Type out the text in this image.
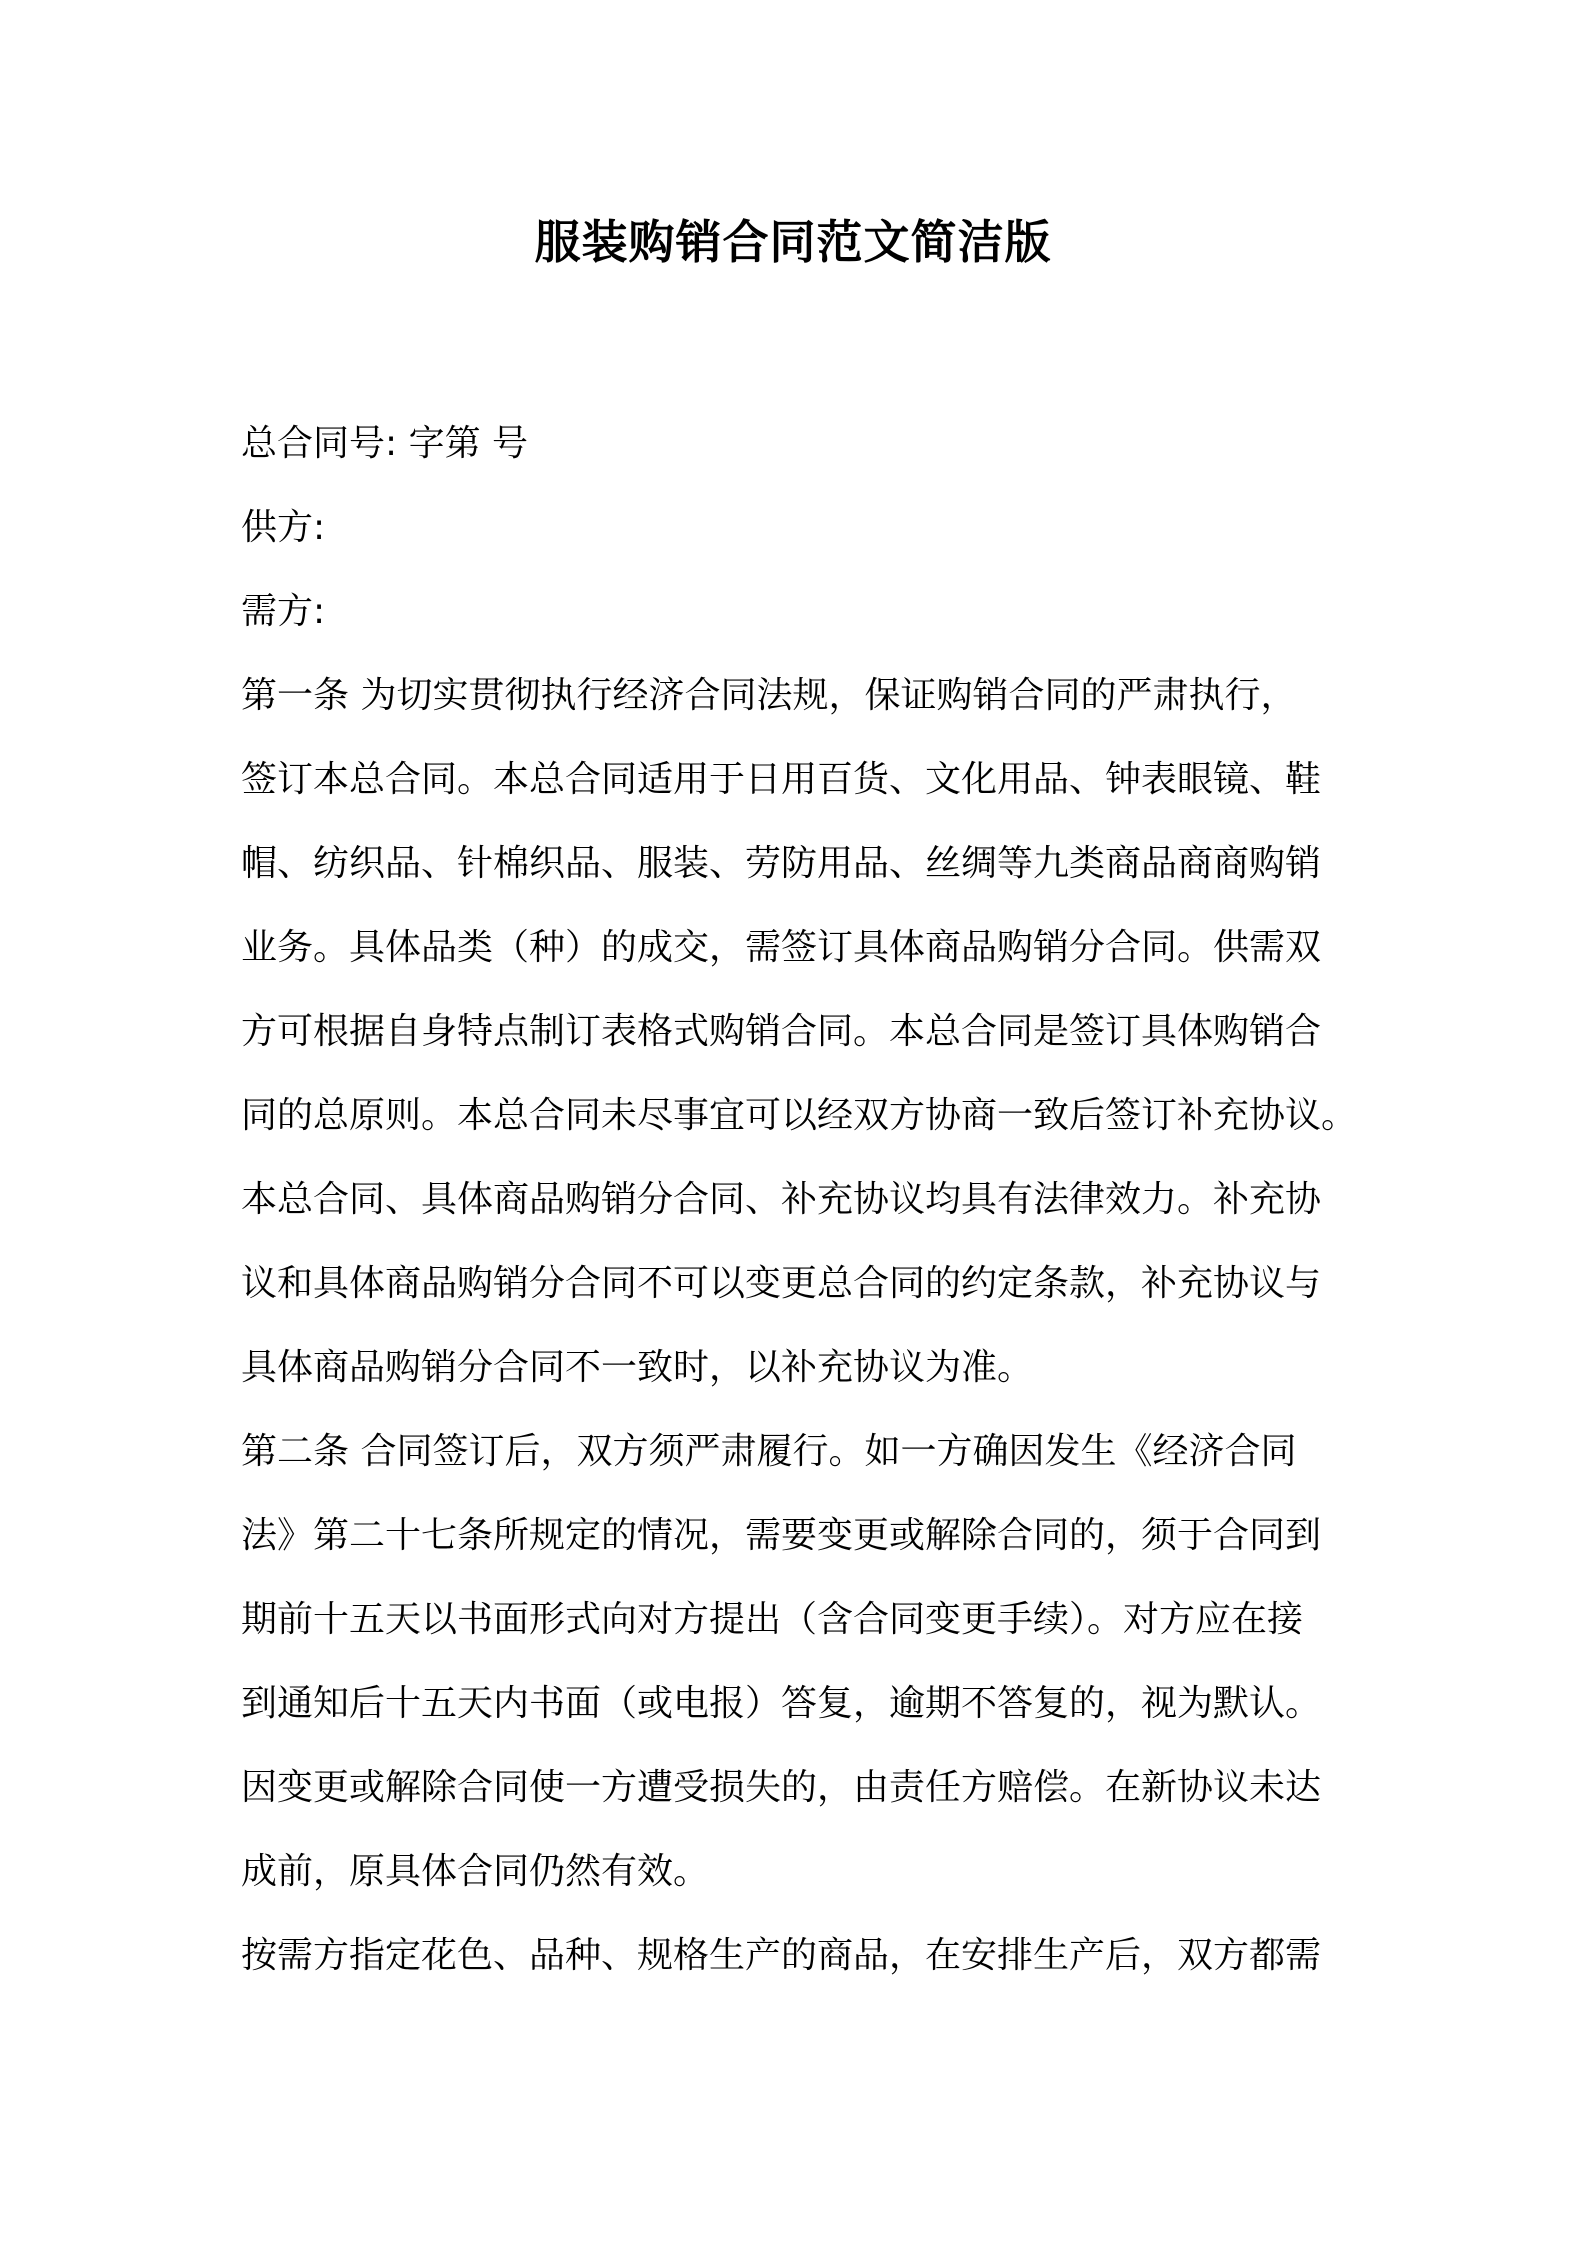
服装购销合同范文简洁版

总合同号: 字第 号

供方:

需方:

第一条 为切实贯彻执行经济合同法规，保证购销合同的严肃执行，
签订本总合同。本总合同适用于日用百货、文化用品、钟表眼镜、鞋
帽、纺织品、针棉织品、服装、劳防用品、丝绸等九类商品商商购销
业务。具体品类（种）的成交，需签订具体商品购销分合同。供需双
方可根据自身特点制订表格式购销合同。本总合同是签订具体购销合
同的总原则。本总合同未尽事宜可以经双方协商一致后签订补充协议。
本总合同、具体商品购销分合同、补充协议均具有法律效力。补充协
议和具体商品购销分合同不可以变更总合同的约定条款，补充协议与
具体商品购销分合同不一致时，以补充协议为准。
第二条 合同签订后，双方须严肃履行。如一方确因发生《经济合同
法》第二十七条所规定的情况，需要变更或解除合同的，须于合同到
期前十五天以书面形式向对方提出（含合同变更手续）。对方应在接
到通知后十五天内书面（或电报）答复，逾期不答复的，视为默认。
因变更或解除合同使一方遭受损失的，由责任方赔偿。在新协议未达
成前，原具体合同仍然有效。
按需方指定花色、品种、规格生产的商品，在安排生产后，双方都需
